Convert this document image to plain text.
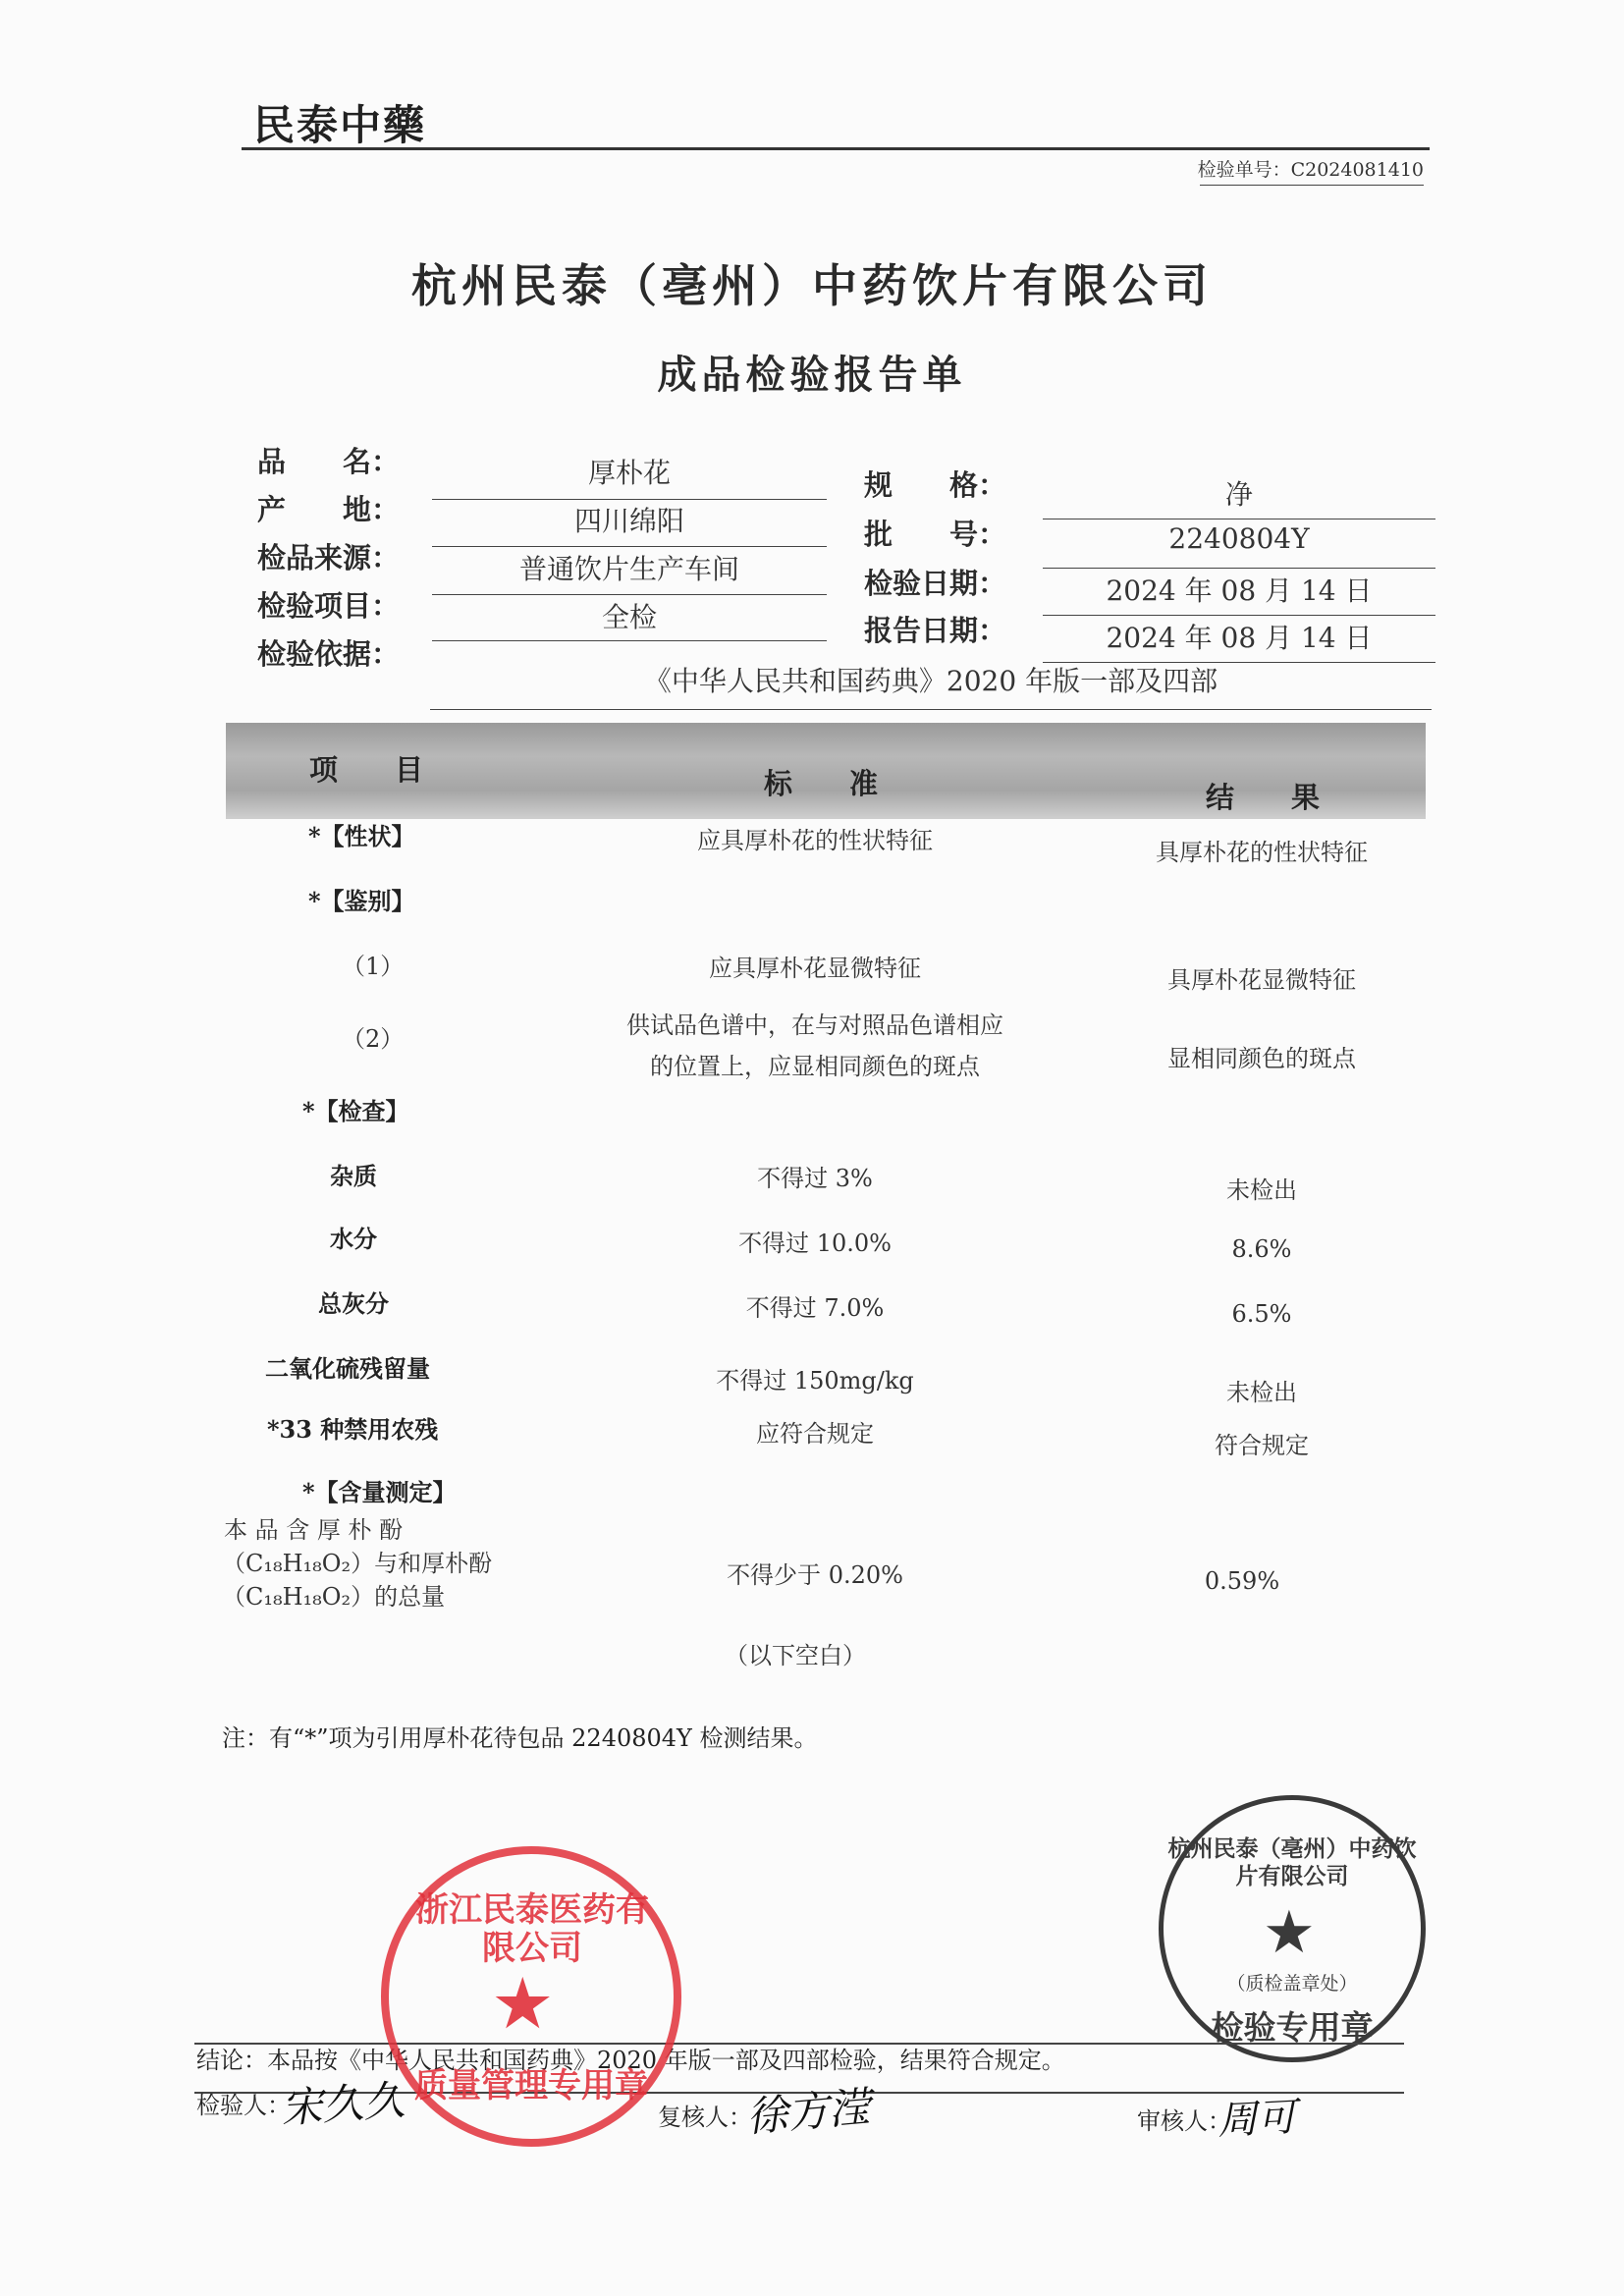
民泰中藥
检验单号：C2024081410
杭州民泰（亳州）中药饮片有限公司
成品检验报告单
品　　名：	厚朴花
产　　地：	四川绵阳
检品来源：	普通饮片生产车间
检验项目：	全检
检验依据：
《中华人民共和国药典》2020 年版一部及四部
规　　格：	净
批　　号：	2240804Y
检验日期：	2024 年 08 月 14 日
报告日期：	2024 年 08 月 14 日
项　　目	标　　准	结　　果
*【性状】	应具厚朴花的性状特征	具厚朴花的性状特征
*【鉴别】
（1）	应具厚朴花显微特征	具厚朴花显微特征
（2）	供试品色谱中，在与对照品色谱相应
的位置上，应显相同颜色的斑点	显相同颜色的斑点
*【检查】
杂质	不得过 3%	未检出
水分	不得过 10.0%	8.6%
总灰分	不得过 7.0%	6.5%
二氧化硫残留量	不得过 150mg/kg	未检出
*33 种禁用农残	应符合规定	符合规定
*【含量测定】
本 品 含 厚 朴 酚
（C₁₈H₁₈O₂）与和厚朴酚
（C₁₈H₁₈O₂）的总量
不得少于 0.20%	0.59%
（以下空白）
注：有“*”项为引用厚朴花待包品 2240804Y 检测结果。
杭州民泰（亳州）中药饮片有限公司
★
（质检盖章处）
检验专用章
结论：本品按《中华人民共和国药典》2020 年版一部及四部检验，结果符合规定。
浙江民泰医药有限公司
★
质量管理专用章
检验人：
宋久久	复核人：
徐方滢	审核人：
周可
